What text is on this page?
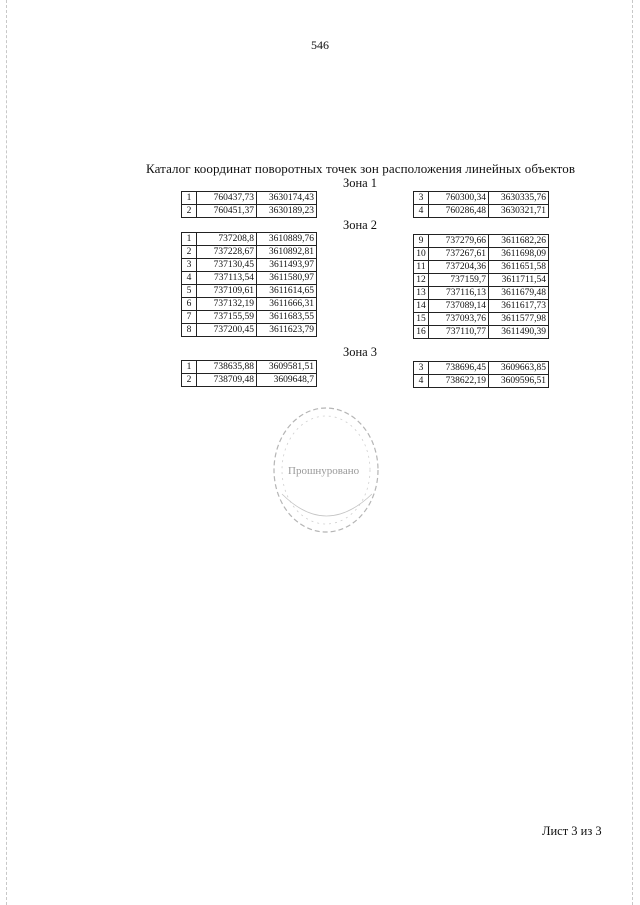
546
Каталог координат поворотных точек зон расположения линейных объектов
Зона 1
1	760437,73	3630174,43
2	760451,37	3630189,23
3	760300,34	3630335,76
4	760286,48	3630321,71
Зона 2
1	737208,8	3610889,76
2	737228,67	3610892,81
3	737130,45	3611493,97
4	737113,54	3611580,97
5	737109,61	3611614,65
6	737132,19	3611666,31
7	737155,59	3611683,55
8	737200,45	3611623,79
9	737279,66	3611682,26
10	737267,61	3611698,09
11	737204,36	3611651,58
12	737159,7	3611711,54
13	737116,13	3611679,48
14	737089,14	3611617,73
15	737093,76	3611577,98
16	737110,77	3611490,39
Зона 3
1	738635,88	3609581,51
2	738709,48	3609648,7
3	738696,45	3609663,85
4	738622,19	3609596,51
Прошнуровано
Лист 3 из 3
